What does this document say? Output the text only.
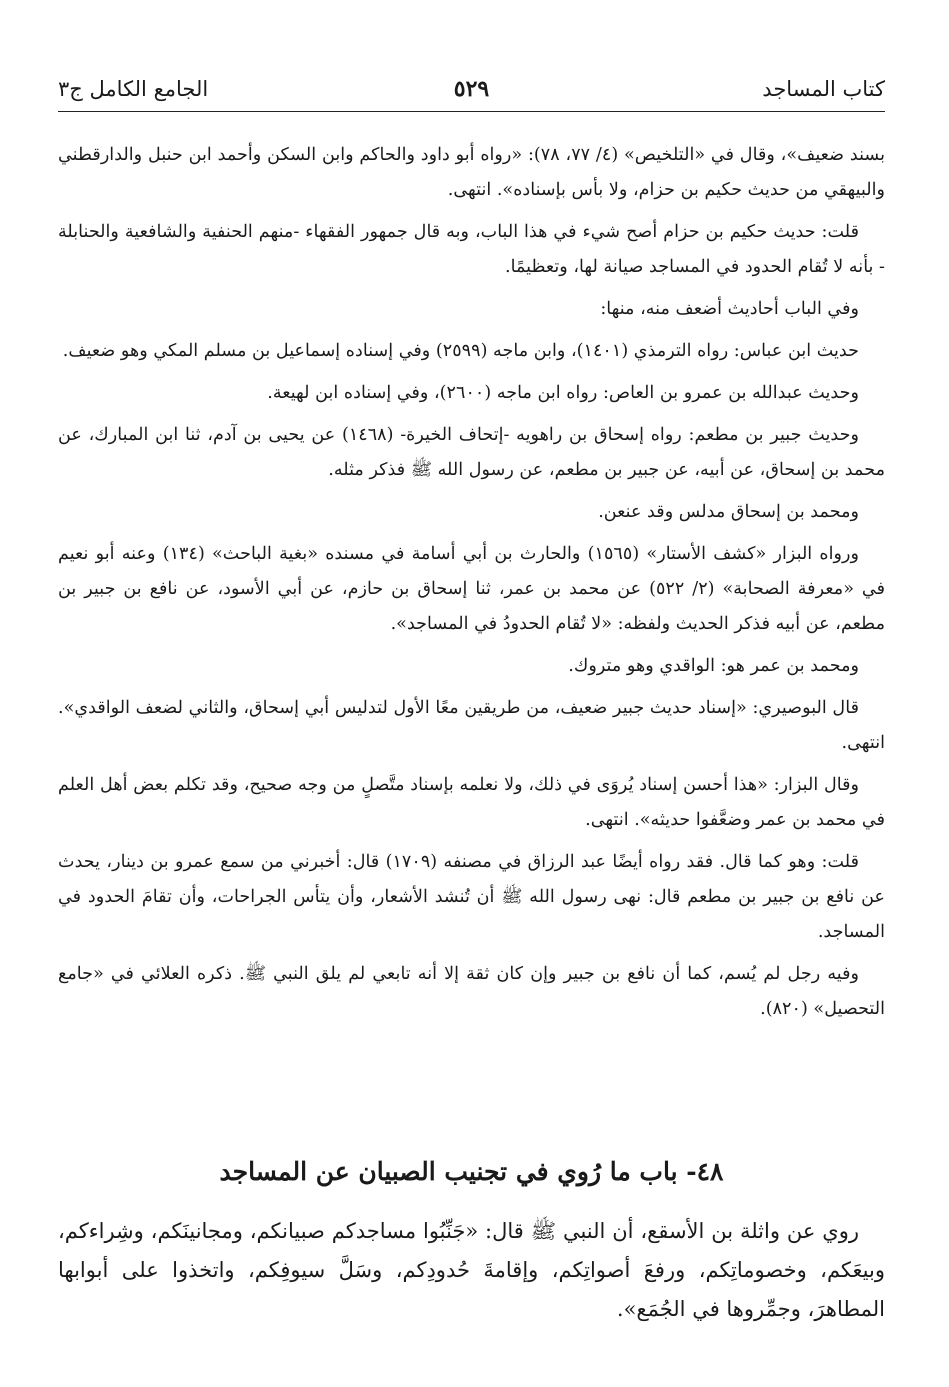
كتاب المساجد
٥٢٩
الجامع الكامل ج٣

بسند ضعيف»، وقال في «التلخيص» (٤/ ٧٧، ٧٨): «رواه أبو داود والحاكم وابن السكن وأحمد ابن حنبل والدارقطني والبيهقي من حديث حكيم بن حزام، ولا بأس بإسناده». انتهى.

قلت: حديث حكيم بن حزام أصح شيء في هذا الباب، وبه قال جمهور الفقهاء -منهم الحنفية والشافعية والحنابلة - بأنه لا تُقام الحدود في المساجد صيانة لها، وتعظيمًا.

وفي الباب أحاديث أضعف منه، منها:

حديث ابن عباس: رواه الترمذي (١٤٠١)، وابن ماجه (٢٥٩٩) وفي إسناده إسماعيل بن مسلم المكي وهو ضعيف.

وحديث عبدالله بن عمرو بن العاص: رواه ابن ماجه (٢٦٠٠)، وفي إسناده ابن لهيعة.

وحديث جبير بن مطعم: رواه إسحاق بن راهويه -إتحاف الخيرة- (١٤٦٨) عن يحيى بن آدم، ثنا ابن المبارك، عن محمد بن إسحاق، عن أبيه، عن جبير بن مطعم، عن رسول الله ﷺ فذكر مثله.

ومحمد بن إسحاق مدلس وقد عنعن.

ورواه البزار «كشف الأستار» (١٥٦٥) والحارث بن أبي أسامة في مسنده «بغية الباحث» (١٣٤) وعنه أبو نعيم في «معرفة الصحابة» (٢/ ٥٢٢) عن محمد بن عمر، ثنا إسحاق بن حازم، عن أبي الأسود، عن نافع بن جبير بن مطعم، عن أبيه فذكر الحديث ولفظه: «لا تُقام الحدودُ في المساجد».

ومحمد بن عمر هو: الواقدي وهو متروك.

قال البوصيري: «إسناد حديث جبير ضعيف، من طريقين معًا الأول لتدليس أبي إسحاق، والثاني لضعف الواقدي». انتهى.

وقال البزار: «هذا أحسن إسناد يُروَى في ذلك، ولا نعلمه بإسناد متَّصلٍ من وجه صحيح، وقد تكلم بعض أهل العلم في محمد بن عمر وضعَّفوا حديثه». انتهى.

قلت: وهو كما قال. فقد رواه أيضًا عبد الرزاق في مصنفه (١٧٠٩) قال: أخبرني من سمع عمرو بن دينار، يحدث عن نافع بن جبير بن مطعم قال: نهى رسول الله ﷺ أن تُنشد الأشعار، وأن يتأس الجراحات، وأن تقامَ الحدود في المساجد.

وفيه رجل لم يُسم، كما أن نافع بن جبير وإن كان ثقة إلا أنه تابعي لم يلق النبي ﷺ. ذكره العلائي في «جامع التحصيل» (٨٢٠).

٤٨- باب ما رُوي في تجنيب الصبيان عن المساجد

روي عن واثلة بن الأسقع، أن النبي ﷺ قال: «جَنِّبُوا مساجدكم صبيانكم، ومجانينَكم، وشِراءكم، وبيعَكم، وخصوماتِكم، ورفعَ أصواتِكم، وإقامةَ حُدودِكم، وسَلَّ سيوفِكم، واتخذوا على أبوابها المطاهرَ، وجمِّروها في الجُمَع».
